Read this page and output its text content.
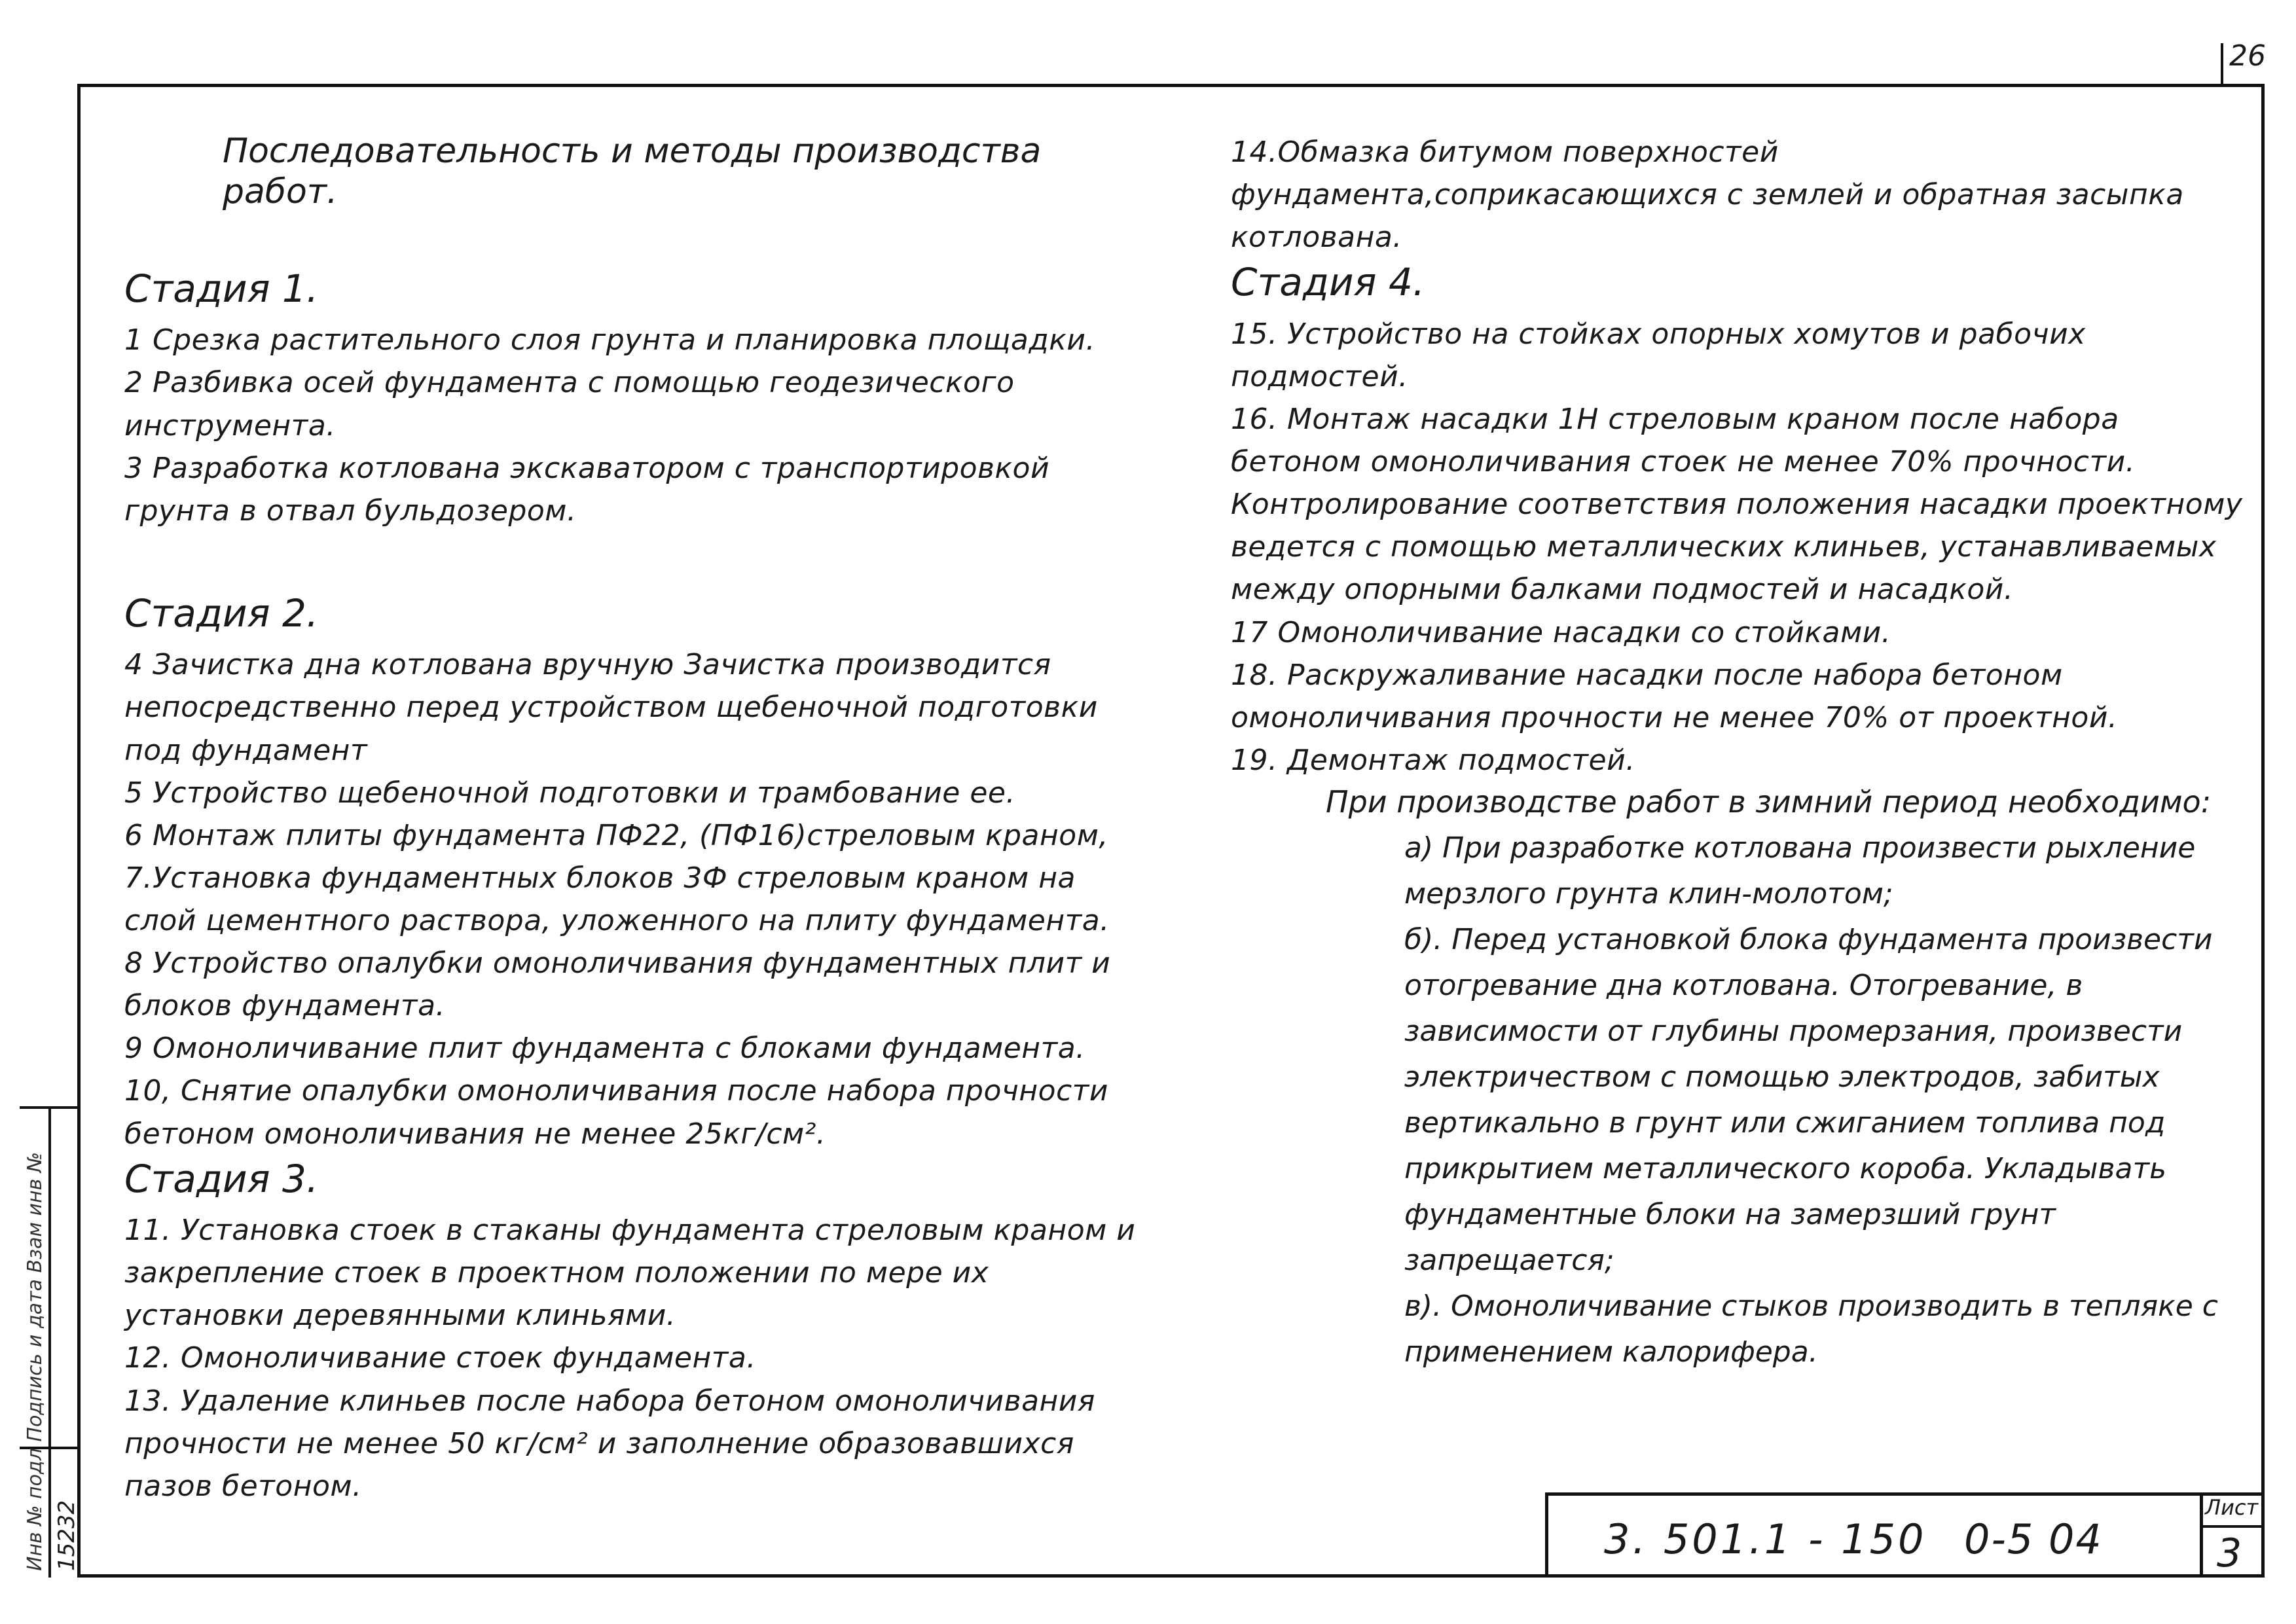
26
Последовательность и методы производства работ.
Стадия 1.

1 Срезка растительного слоя грунта и планировка площадки.

2 Разбивка осей фундамента с помощью геодезического инструмента.

3 Разработка котлована экскаватором с транспортировкой грунта в отвал бульдозером.

Стадия 2.

4 Зачистка дна котлована вручную Зачистка производится непосредственно перед устройством щебеночной подготовки под фундамент

5 Устройство щебеночной подготовки и трамбование ее.

6 Монтаж плиты фундамента ПФ22, (ПФ16)стреловым краном,

7.Установка фундаментных блоков 3Ф стреловым краном на слой цементного раствора, уложенного на плиту фундамента.

8 Устройство опалубки омоноличивания фундаментных плит и блоков фундамента.

9 Омоноличивание плит фундамента с блоками фундамента.

10, Снятие опалубки омоноличивания после набора прочности бетоном омоноличивания не менее 25кг/см².

Стадия 3.

11. Установка стоек в стаканы фундамента стреловым краном и закрепление стоек в проектном положении по мере их установки деревянными клиньями.

12. Омоноличивание стоек фундамента.

13. Удаление клиньев после набора бетоном омоноличивания прочности не менее 50 кг/см² и заполнение образовавшихся пазов бетоном.

14.Обмазка битумом поверхностей фундамента,соприкасающихся с землей и обратная засыпка котлована.

Стадия 4.

15. Устройство на стойках опорных хомутов и рабочих подмостей.

16. Монтаж насадки 1Н стреловым краном после набора бетоном омоноличивания стоек не менее 70% прочности. Контролирование соответствия положения насадки проектному ведется с помощью металлических клиньев, устанавливаемых между опорными балками подмостей и насадкой.

17 Омоноличивание насадки со стойками.

18. Раскружаливание насадки после набора бетоном омоноличивания прочности не менее 70% от проектной.

19. Демонтаж подмостей.

При производстве работ в зимний период необходимо:

а) При разработке котлована произвести рыхление мерзлого грунта клин-молотом;

б). Перед установкой блока фундамента произвести отогревание дна котлована. Отогревание, в зависимости от глубины промерзания, произвести электричеством с помощью электродов, забитых вертикально в грунт или сжиганием топлива под прикрытием металлического короба. Укладывать фундаментные блоки на замерзший грунт запрещается;

в). Омоноличивание стыков производить в тепляке с применением калорифера.

3. 501.1 - 150 0-5 04
Лист
3
Инв № подл Подпись и дата Взам инв № 15232
